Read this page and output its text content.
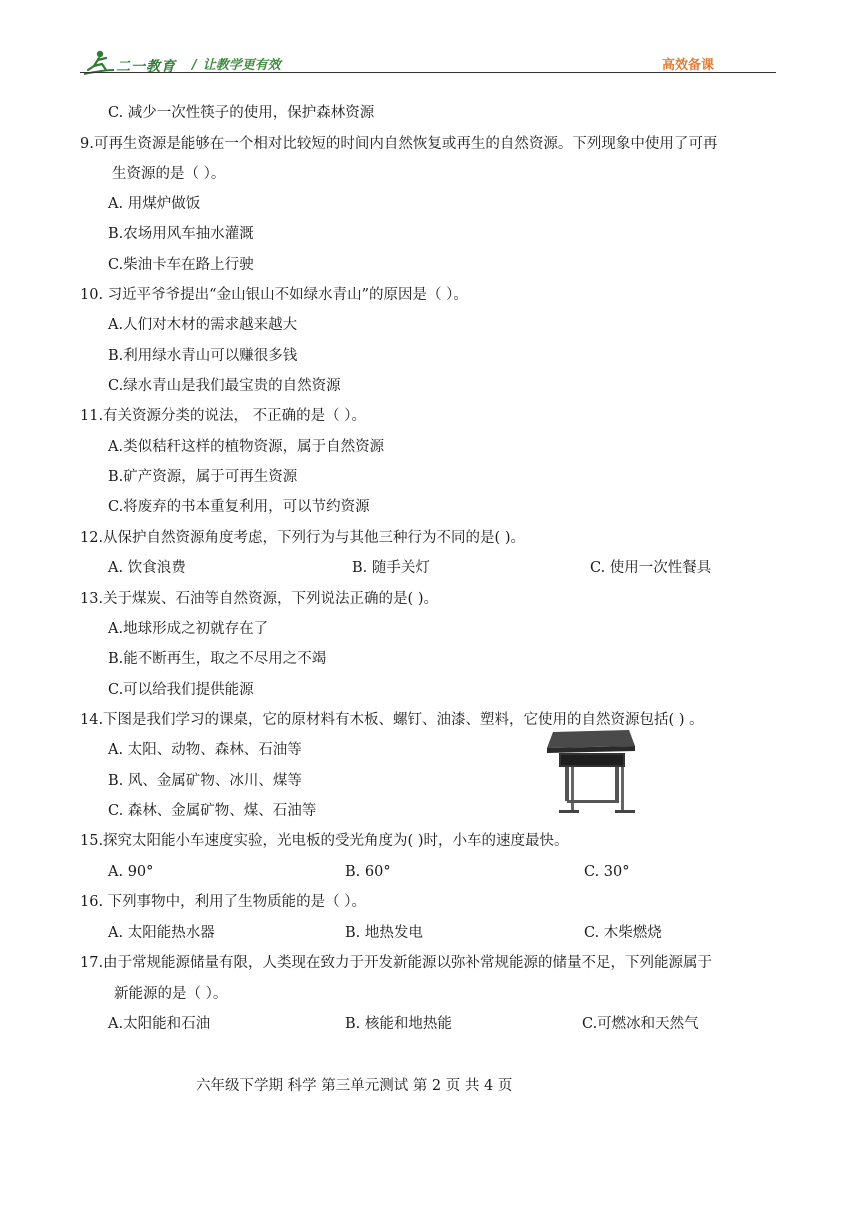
二一教育 / 让教学更有效	高效备课
C. 减少一次性筷子的使用，保护森林资源
9.可再生资源是能够在一个相对比较短的时间内自然恢复或再生的自然资源。下列现象中使用了可再
生资源的是（ ）。
A. 用煤炉做饭
B.农场用风车抽水灌溉
C.柴油卡车在路上行驶
10. 习近平爷爷提出“金山银山不如绿水青山”的原因是（ ）。
A.人们对木材的需求越来越大
B.利用绿水青山可以赚很多钱
C.绿水青山是我们最宝贵的自然资源
11.有关资源分类的说法， 不正确的是（ ）。
A.类似秸秆这样的植物资源，属于自然资源
B.矿产资源，属于可再生资源
C.将废弃的书本重复利用，可以节约资源
12.从保护自然资源角度考虑，下列行为与其他三种行为不同的是( )。
A. 饮食浪费	B. 随手关灯	C. 使用一次性餐具
13.关于煤炭、石油等自然资源，下列说法正确的是( )。
A.地球形成之初就存在了
B.能不断再生，取之不尽用之不竭
C.可以给我们提供能源
14.下图是我们学习的课桌，它的原材料有木板、螺钉、油漆、塑料，它使用的自然资源包括( ) 。
A. 太阳、动物、森林、石油等
B. 风、金属矿物、冰川、煤等
C. 森林、金属矿物、煤、石油等
15.探究太阳能小车速度实验，光电板的受光角度为( )时，小车的速度最快。
A. 90°	B. 60°	C. 30°
16. 下列事物中，利用了生物质能的是（ ）。
A. 太阳能热水器	B. 地热发电	C. 木柴燃烧
17.由于常规能源储量有限，人类现在致力于开发新能源以弥补常规能源的储量不足，下列能源属于
新能源的是（ ）。
A.太阳能和石油	B. 核能和地热能	C.可燃冰和天然气
六年级下学期 科学 第三单元测试 第 2 页 共 4 页
